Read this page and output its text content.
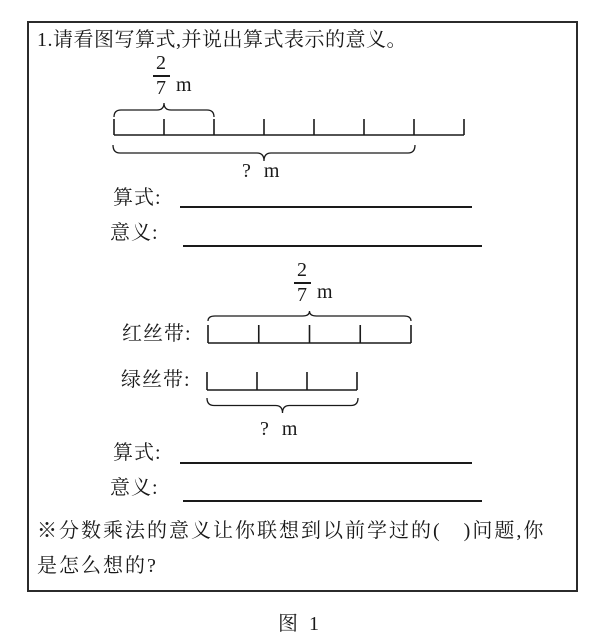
1.请看图写算式,并说出算式表示的意义。
2
7 m
? m
算式:
意义:
2
7 m
红丝带:
绿丝带:
? m
算式:
意义:
※分数乘法的意义让你联想到以前学过的(　)问题,你
是怎么想的?
图 1
